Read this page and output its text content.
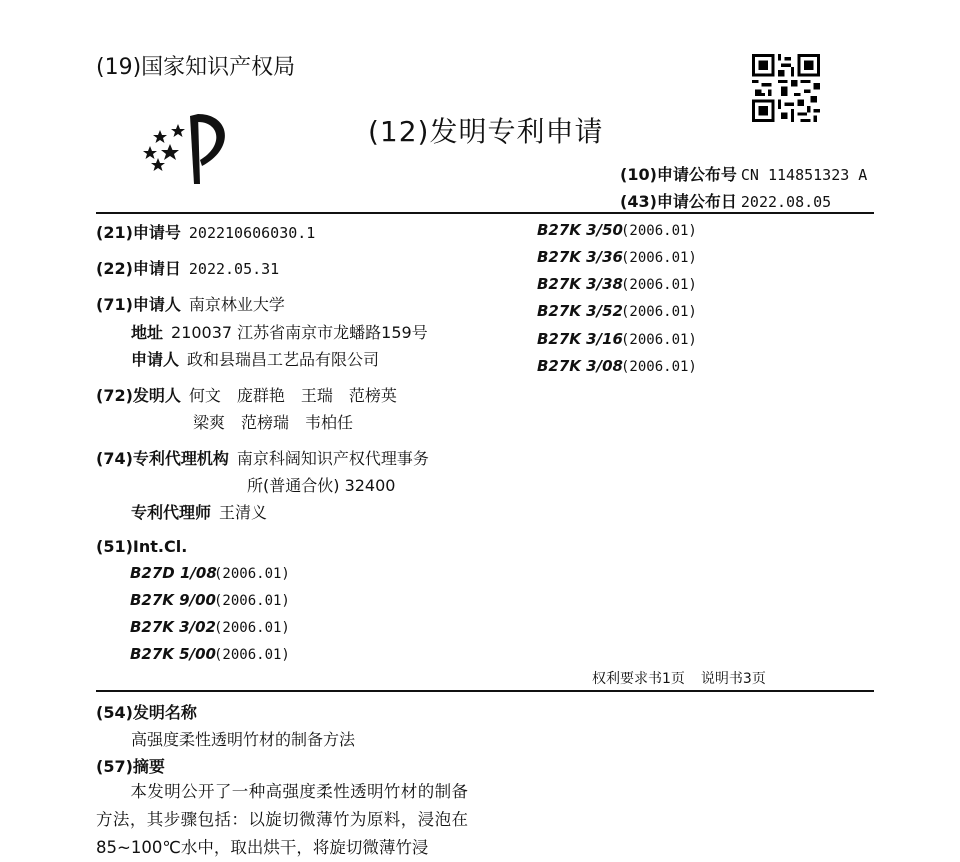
(19)国家知识产权局
(12)发明专利申请
(10)申请公布号 CN 114851323 A
(43)申请公布日 2022.08.05
(21)申请号 202210606030.1
(22)申请日 2022.05.31
(71)申请人 南京林业大学
地址 210037 江苏省南京市龙蟠路159号
申请人 政和县瑞昌工艺品有限公司
(72)发明人 何文　庞群艳　王瑞　范榜英
梁爽　范榜瑞　韦柏任
(74)专利代理机构 南京科阔知识产权代理事务
所(普通合伙) 32400
专利代理师 王清义
(51)Int.Cl.
B27D 1/08(2006.01)
B27K 9/00(2006.01)
B27K 3/02(2006.01)
B27K 5/00(2006.01)
B27K 3/50(2006.01)
B27K 3/36(2006.01)
B27K 3/38(2006.01)
B27K 3/52(2006.01)
B27K 3/16(2006.01)
B27K 3/08(2006.01)
权利要求书1页 说明书3页
(54)发明名称
高强度柔性透明竹材的制备方法
(57)摘要
本发明公开了一种高强度柔性透明竹材的制备方法，其步骤包括：以旋切微薄竹为原料，浸泡在85~100℃水中，取出烘干，将旋切微薄竹浸
